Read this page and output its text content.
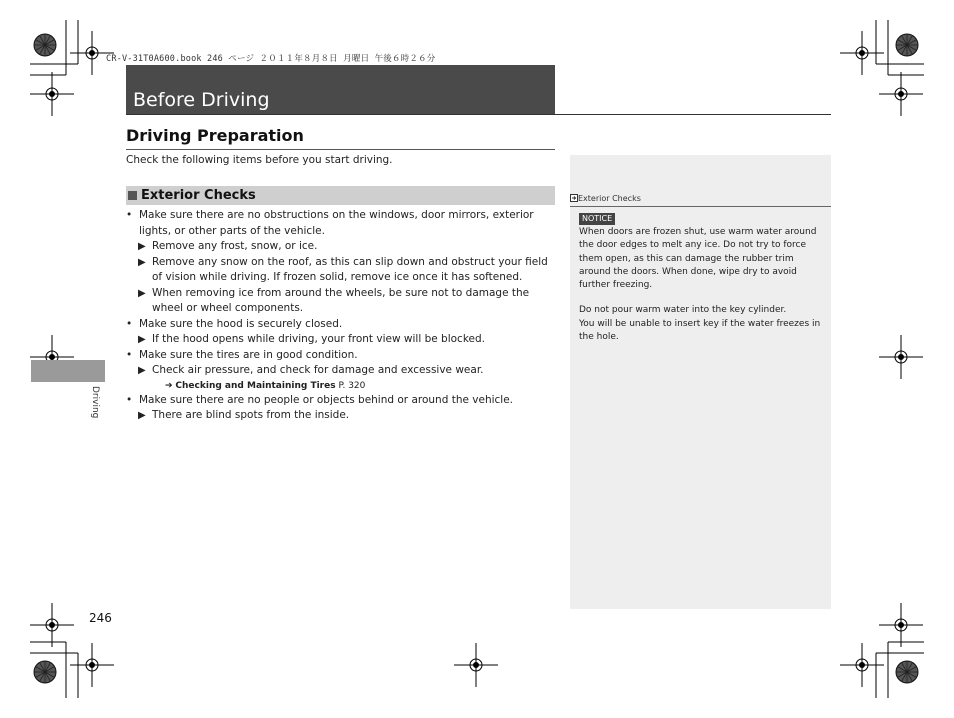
CR-V-31T0A600.book 246 ページ ２０１１年８月８日 月曜日 午後６時２６分
Before Driving
Driving Preparation
Check the following items before you start driving.
Exterior Checks
• Make sure there are no obstructions on the windows, door mirrors, exterior lights, or other parts of the vehicle.
▶ Remove any frost, snow, or ice.
▶ Remove any snow on the roof, as this can slip down and obstruct your field of vision while driving. If frozen solid, remove ice once it has softened.
▶ When removing ice from around the wheels, be sure not to damage the wheel or wheel components.
• Make sure the hood is securely closed.
▶ If the hood opens while driving, your front view will be blocked.
• Make sure the tires are in good condition.
▶ Check air pressure, and check for damage and excessive wear.
➔ Checking and Maintaining Tires P. 320
• Make sure there are no people or objects behind or around the vehicle.
▶ There are blind spots from the inside.
Exterior Checks
NOTICE

When doors are frozen shut, use warm water around the door edges to melt any ice. Do not try to force them open, as this can damage the rubber trim around the doors. When done, wipe dry to avoid further freezing.

Do not pour warm water into the key cylinder.
You will be unable to insert key if the water freezes in the hole.
Driving
246
